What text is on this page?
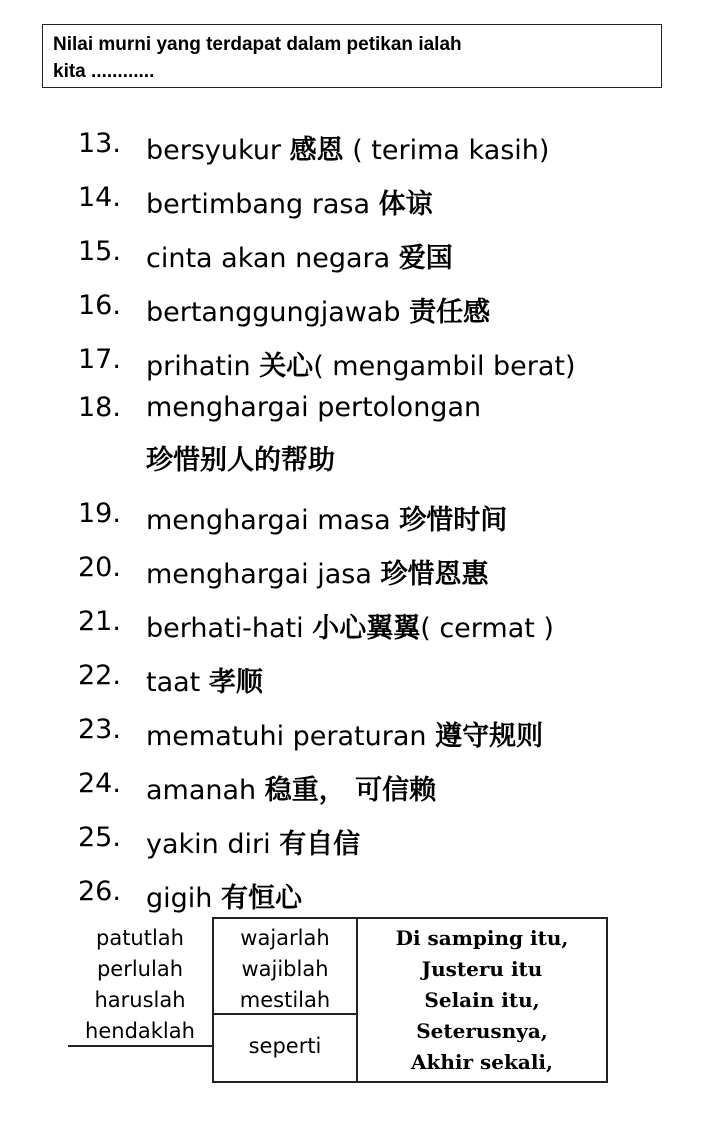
Nilai murni yang terdapat dalam petikan ialah
kita ............
13. bersyukur 感恩 ( terima kasih)
14. bertimbang rasa 体谅
15. cinta akan negara 爱国
16. bertanggungjawab 责任感
17. prihatin 关心( mengambil berat)
18. menghargai pertolongan
珍惜别人的帮助
19. menghargai masa 珍惜时间
20. menghargai jasa 珍惜恩惠
21. berhati-hati 小心翼翼( cermat )
22. taat 孝顺
23. mematuhi peraturan 遵守规则
24. amanah 稳重， 可信赖
25. yakin diri 有自信
26. gigih 有恒心
patutlah
perlulah
haruslah
hendaklah
wajarlah
wajiblah
mestilah
seperti
Di samping itu,
Justeru itu
Selain itu,
Seterusnya,
Akhir sekali,
